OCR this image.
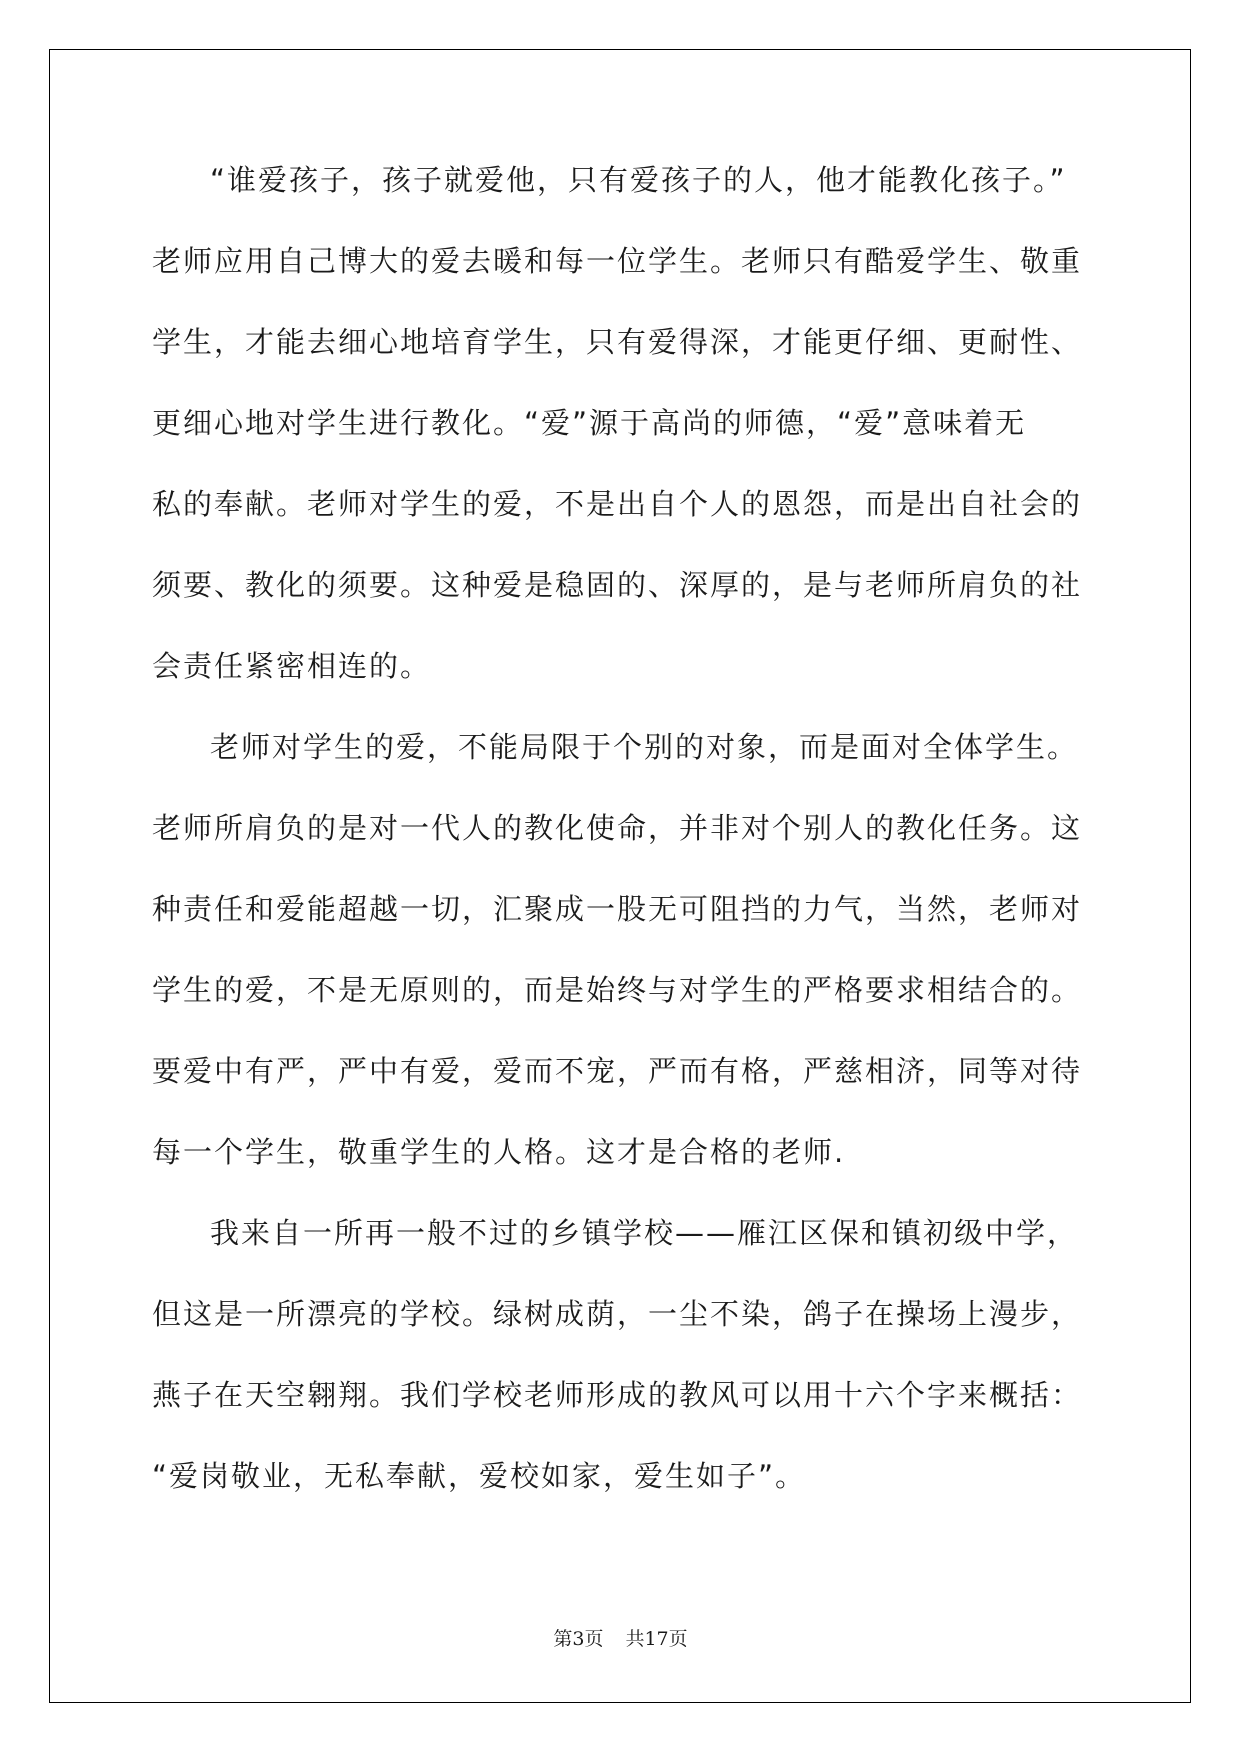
“谁爱孩子，孩子就爱他，只有爱孩子的人，他才能教化孩子。”
老师应用自己博大的爱去暖和每一位学生。老师只有酷爱学生、敬重
学生，才能去细心地培育学生，只有爱得深，才能更仔细、更耐性、
更细心地对学生进行教化。“爱”源于高尚的师德，“爱”意味着无
私的奉献。老师对学生的爱，不是出自个人的恩怨，而是出自社会的
须要、教化的须要。这种爱是稳固的、深厚的，是与老师所肩负的社
会责任紧密相连的。
老师对学生的爱，不能局限于个别的对象，而是面对全体学生。
老师所肩负的是对一代人的教化使命，并非对个别人的教化任务。这
种责任和爱能超越一切，汇聚成一股无可阻挡的力气，当然，老师对
学生的爱，不是无原则的，而是始终与对学生的严格要求相结合的。
要爱中有严，严中有爱，爱而不宠，严而有格，严慈相济，同等对待
每一个学生，敬重学生的人格。这才是合格的老师.
我来自一所再一般不过的乡镇学校——雁江区保和镇初级中学，
但这是一所漂亮的学校。绿树成荫，一尘不染，鸽子在操场上漫步，
燕子在天空翱翔。我们学校老师形成的教风可以用十六个字来概括：
“爱岗敬业，无私奉献，爱校如家，爱生如子”。
第3页 共17页
